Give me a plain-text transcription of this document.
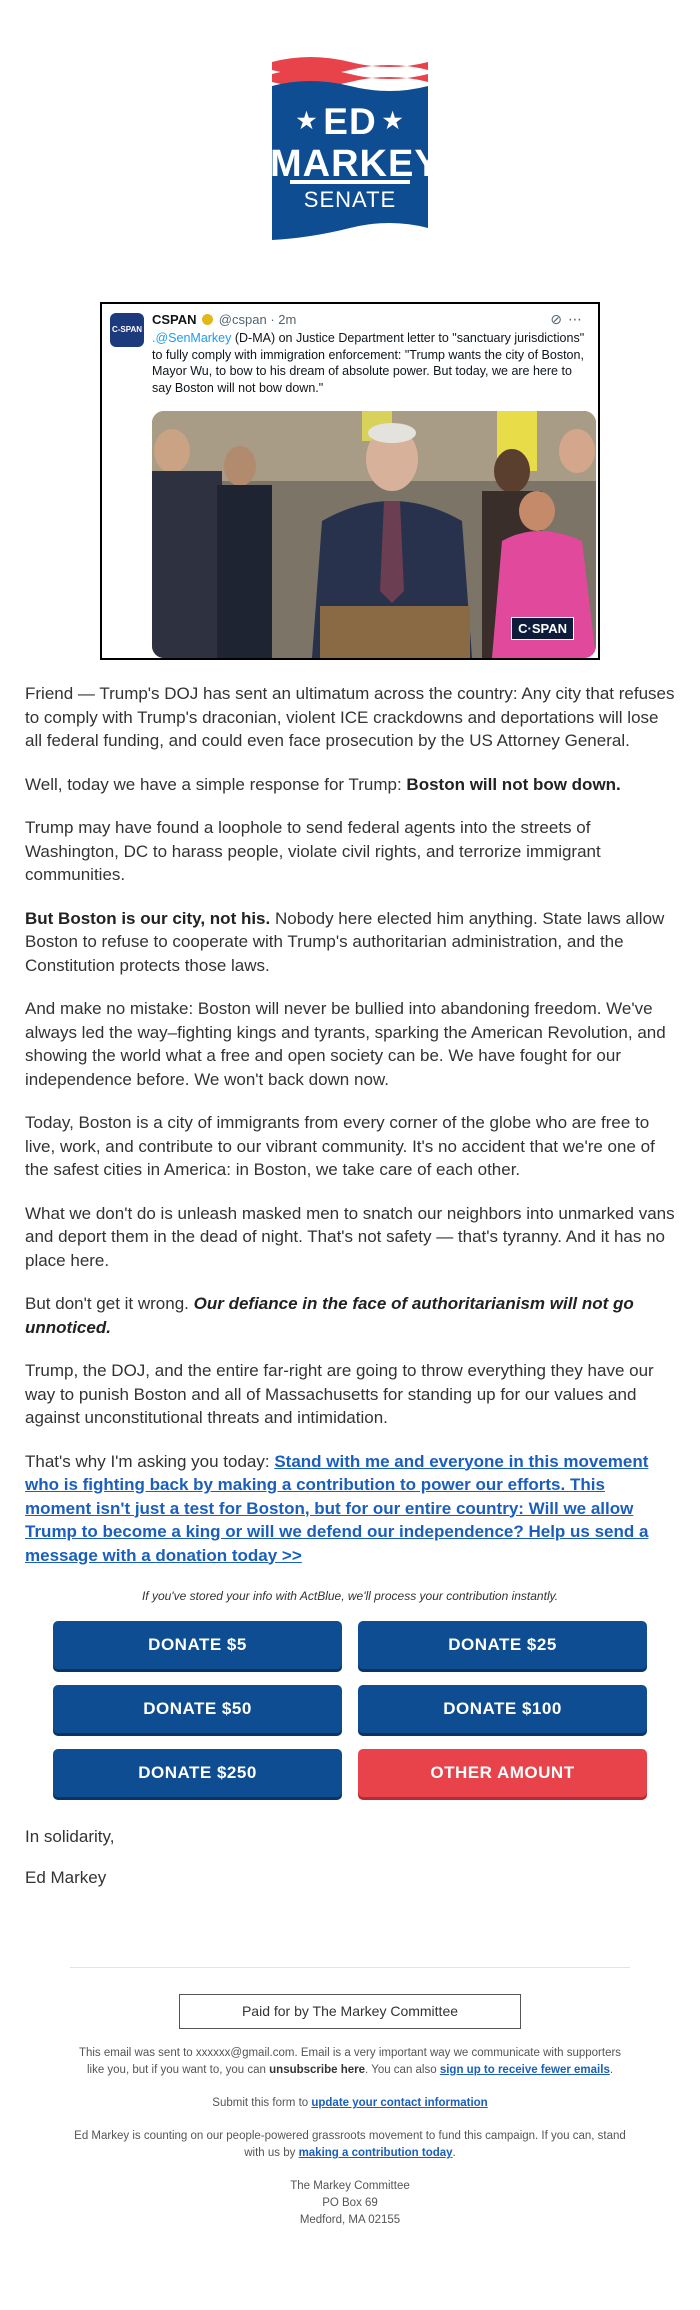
★ ED ★
MARKEY
SENATE
C-SPAN
CSPAN @cspan · 2m	⊘⋯
.@SenMarkey (D-MA) on Justice Department letter to "sanctuary jurisdictions" to fully comply with immigration enforcement: "Trump wants the city of Boston, Mayor Wu, to bow to his dream of absolute power. But today, we are here to say Boston will not bow down."
C·SPAN

Friend — Trump's DOJ has sent an ultimatum across the country: Any city that refuses to comply with Trump's draconian, violent ICE crackdowns and deportations will lose all federal funding, and could even face prosecution by the US Attorney General.

Well, today we have a simple response for Trump: Boston will not bow down.

Trump may have found a loophole to send federal agents into the streets of Washington, DC to harass people, violate civil rights, and terrorize immigrant communities.

But Boston is our city, not his. Nobody here elected him anything. State laws allow Boston to refuse to cooperate with Trump's authoritarian administration, and the Constitution protects those laws.

And make no mistake: Boston will never be bullied into abandoning freedom. We've always led the way–fighting kings and tyrants, sparking the American Revolution, and showing the world what a free and open society can be. We have fought for our independence before. We won't back down now.

Today, Boston is a city of immigrants from every corner of the globe who are free to live, work, and contribute to our vibrant community. It's no accident that we're one of the safest cities in America: in Boston, we take care of each other.

What we don't do is unleash masked men to snatch our neighbors into unmarked vans and deport them in the dead of night. That's not safety — that's tyranny. And it has no place here.

But don't get it wrong. Our defiance in the face of authoritarianism will not go unnoticed.

Trump, the DOJ, and the entire far-right are going to throw everything they have our way to punish Boston and all of Massachusetts for standing up for our values and against unconstitutional threats and intimidation.

That's why I'm asking you today: Stand with me and everyone in this movement who is fighting back by making a contribution to power our efforts. This moment isn't just a test for Boston, but for our entire country: Will we allow Trump to become a king or will we defend our independence? Help us send a message with a donation today >>

If you've stored your info with ActBlue, we'll process your contribution instantly.
DONATE $5	DONATE $25
DONATE $50	DONATE $100
DONATE $250	OTHER AMOUNT

In solidarity,

Ed Markey

Paid for by The Markey Committee

This email was sent to xxxxxx@gmail.com. Email is a very important way we communicate with supporters like you, but if you want to, you can unsubscribe here. You can also sign up to receive fewer emails.

Submit this form to update your contact information

Ed Markey is counting on our people-powered grassroots movement to fund this campaign. If you can, stand with us by making a contribution today.

The Markey Committee
PO Box 69
Medford, MA 02155
